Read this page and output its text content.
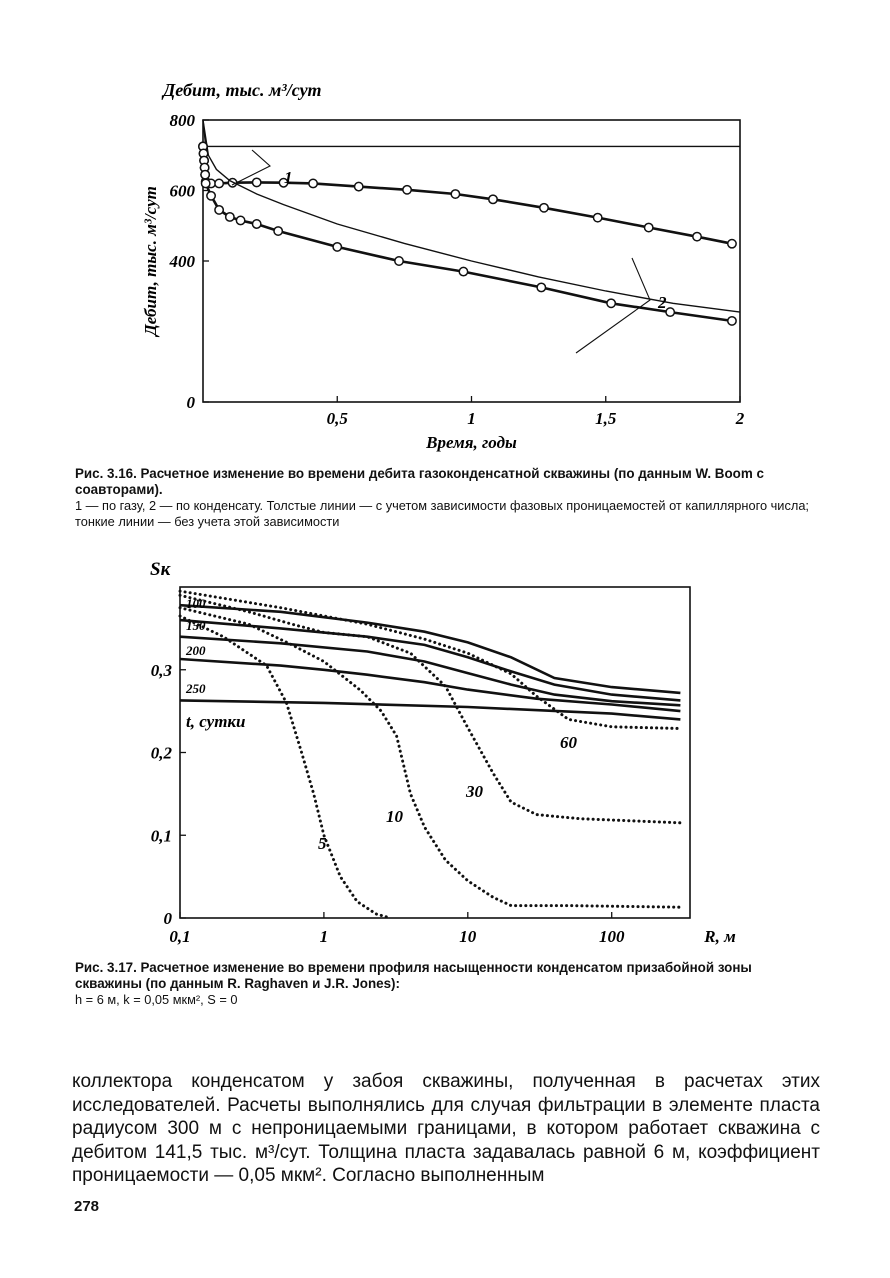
0
400
600
800
0,5	1	1,5	2
Время, годы
Дебит, тыс. м³/сут
Дебит, тыс. м³/сут
1
2
Рис. 3.16. Расчетное изменение во времени дебита газоконденсатной скважины (по данным W. Boom с соавторами).
1 — по газу, 2 — по конденсату. Толстые линии — с учетом зависимости фазовых проницаемостей от капиллярного числа; тонкие линии — без учета этой зависимости
0
0,1
0,2
0,3
0,1	1	10	100	R, м
Sк
100
150
200
250
60
30
10
5
t, сутки
Рис. 3.17. Расчетное изменение во времени профиля насыщенности конденсатом призабойной зоны скважины (по данным R. Raghaven и J.R. Jones):
h = 6 м, k = 0,05 мкм², S = 0
коллектора конденсатом у забоя скважины, полученная в расчетах этих исследователей. Расчеты выполнялись для случая фильтрации в элементе пласта радиусом 300 м с непроницаемыми границами, в котором работает скважина с дебитом 141,5 тыс. м³/сут. Толщина пласта задавалась равной 6 м, коэффициент проницаемости — 0,05 мкм². Согласно выполненным
278
